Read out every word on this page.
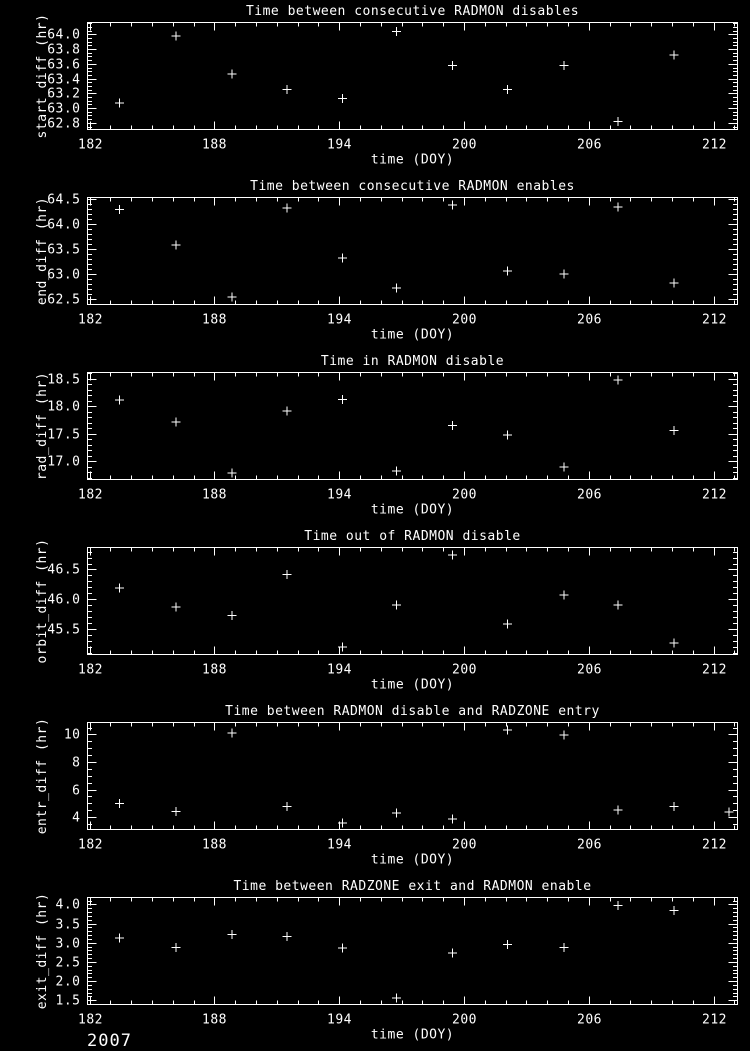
182	188	194	200	206	212
62.8
63.0
63.2
63.4
63.6
63.8
64.0
Time between consecutive RADMON disables
time (DOY)
start_diff (hr)
182	188	194	200	206	212
62.5
63.0
63.5
64.0
64.5
Time between consecutive RADMON enables
time (DOY)
end_diff (hr)
182	188	194	200	206	212
17.0
17.5
18.0
18.5
Time in RADMON disable
time (DOY)
rad_diff (hr)
182	188	194	200	206	212
45.5
46.0
46.5
Time out of RADMON disable
time (DOY)
orbit_diff (hr)
182	188	194	200	206	212
4
6
8
10
Time between RADMON disable and RADZONE entry
time (DOY)
entr_diff (hr)
182	188	194	200	206	212
1.5
2.0
2.5
3.0
3.5
4.0
Time between RADZONE exit and RADMON enable
time (DOY)
exit_diff (hr)
2007
